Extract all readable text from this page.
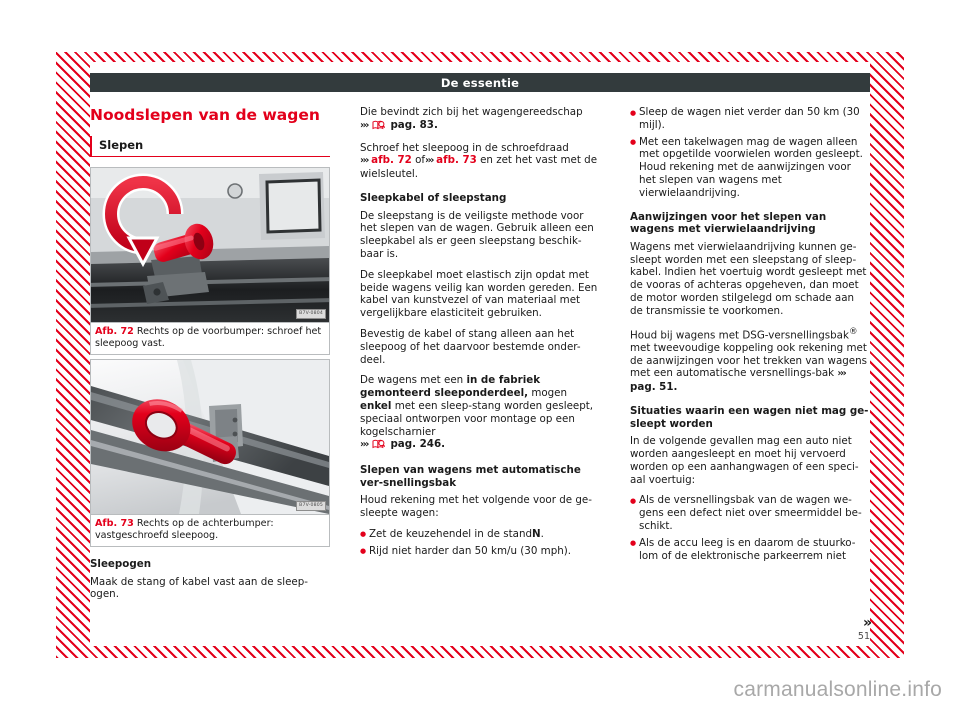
De essentie
Noodslepen van de wagen
Slepen
B7V-0804
Afb. 72 Rechts op de voorbumper: schroef het sleepoog vast.
B7V-0805
Afb. 73 Rechts op de achterbumper: vastgeschroefd sleepoog.
Sleepogen

Maak de stang of kabel vast aan de sleep-ogen.

Die bevindt zich bij het wagengereedschap
››› pag. 83.

Schroef het sleepoog in de schroefdraad
››› afb. 72 of››› afb. 73 en zet het vast met de wielsleutel.

Sleepkabel of sleepstang

De sleepstang is de veiligste methode voor het slepen van de wagen. Gebruik alleen een sleepkabel als er geen sleepstang beschik-baar is.

De sleepkabel moet elastisch zijn opdat met beide wagens veilig kan worden gereden. Een kabel van kunstvezel of van materiaal met vergelijkbare elasticiteit gebruiken.

Bevestig de kabel of stang alleen aan het sleepoog of het daarvoor bestemde onder-deel.

De wagens met een in de fabriek gemonteerd sleeponderdeel, mogen enkel met een sleep-stang worden gesleept, speciaal ontworpen voor montage op een kogelscharnier
››› pag. 246.

Slepen van wagens met automatische ver-snellingsbak

Houd rekening met het volgende voor de ge-sleepte wagen:

● Zet de keuzehendel in de standN.
● Rijd niet harder dan 50 km/u (30 mph).
● Sleep de wagen niet verder dan 50 km (30 mijl).
● Met een takelwagen mag de wagen alleen met opgetilde voorwielen worden gesleept. Houd rekening met de aanwijzingen voor het slepen van wagens met vierwielaandrijving.
Aanwijzingen voor het slepen van wagens met vierwielaandrijving

Wagens met vierwielaandrijving kunnen ge-sleept worden met een sleepstang of sleep-kabel. Indien het voertuig wordt gesleept met de vooras of achteras opgeheven, dan moet de motor worden stilgelegd om schade aan de transmissie te voorkomen.

Houd bij wagens met DSG-versnellingsbak® met tweevoudige koppeling ook rekening met de aanwijzingen voor het trekken van wagens met een automatische versnellings-bak ››› pag. 51.

Situaties waarin een wagen niet mag ge-sleept worden

In de volgende gevallen mag een auto niet worden aangesleept en moet hij vervoerd worden op een aanhangwagen of een speci-aal voertuig:

● Als de versnellingsbak van de wagen we-gens een defect niet over smeermiddel be-schikt.
● Als de accu leeg is en daarom de stuurko-lom of de elektronische parkeerrem niet
»
51
carmanualsonline.info
